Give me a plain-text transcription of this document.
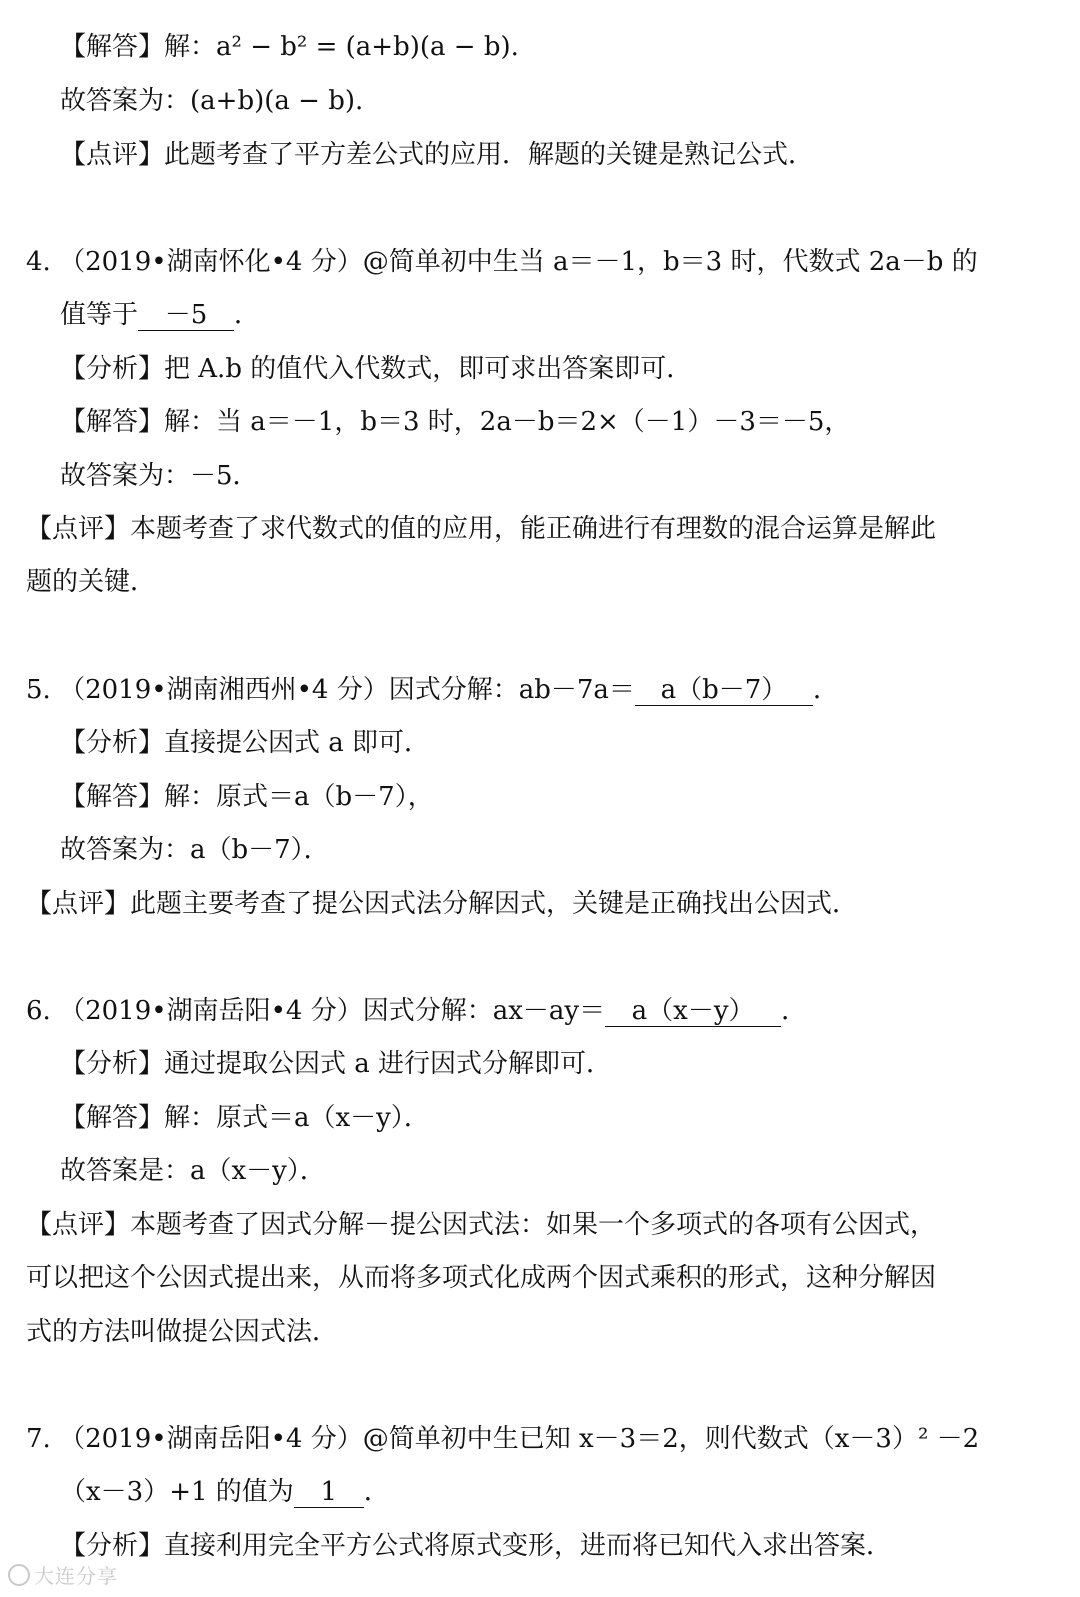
【解答】解：a² − b² = (a+b)(a − b).
故答案为：(a+b)(a − b).
【点评】此题考查了平方差公式的应用．解题的关键是熟记公式．
4. （2019•湖南怀化•4 分）@简单初中生当 a＝－1，b＝3 时，代数式 2a－b 的
值等于 －5 ．
【分析】把 A.b 的值代入代数式，即可求出答案即可．
【解答】解：当 a＝－1，b＝3 时，2a－b＝2×（－1）－3＝－5，
故答案为：－5．
【点评】本题考查了求代数式的值的应用，能正确进行有理数的混合运算是解此
题的关键．
5. （2019•湖南湘西州•4 分）因式分解：ab－7a＝ a（b－7） ．
【分析】直接提公因式 a 即可．
【解答】解：原式＝a（b－7），
故答案为：a（b－7）．
【点评】此题主要考查了提公因式法分解因式，关键是正确找出公因式．
6. （2019•湖南岳阳•4 分）因式分解：ax－ay＝ a（x－y） ．
【分析】通过提取公因式 a 进行因式分解即可．
【解答】解：原式＝a（x－y）．
故答案是：a（x－y）．
【点评】本题考查了因式分解－提公因式法：如果一个多项式的各项有公因式，
可以把这个公因式提出来，从而将多项式化成两个因式乘积的形式，这种分解因
式的方法叫做提公因式法．
7. （2019•湖南岳阳•4 分）@简单初中生已知 x－3＝2，则代数式（x－3）² －2
（x－3）+1 的值为 1 ．
【分析】直接利用完全平方公式将原式变形，进而将已知代入求出答案．
大连分享
